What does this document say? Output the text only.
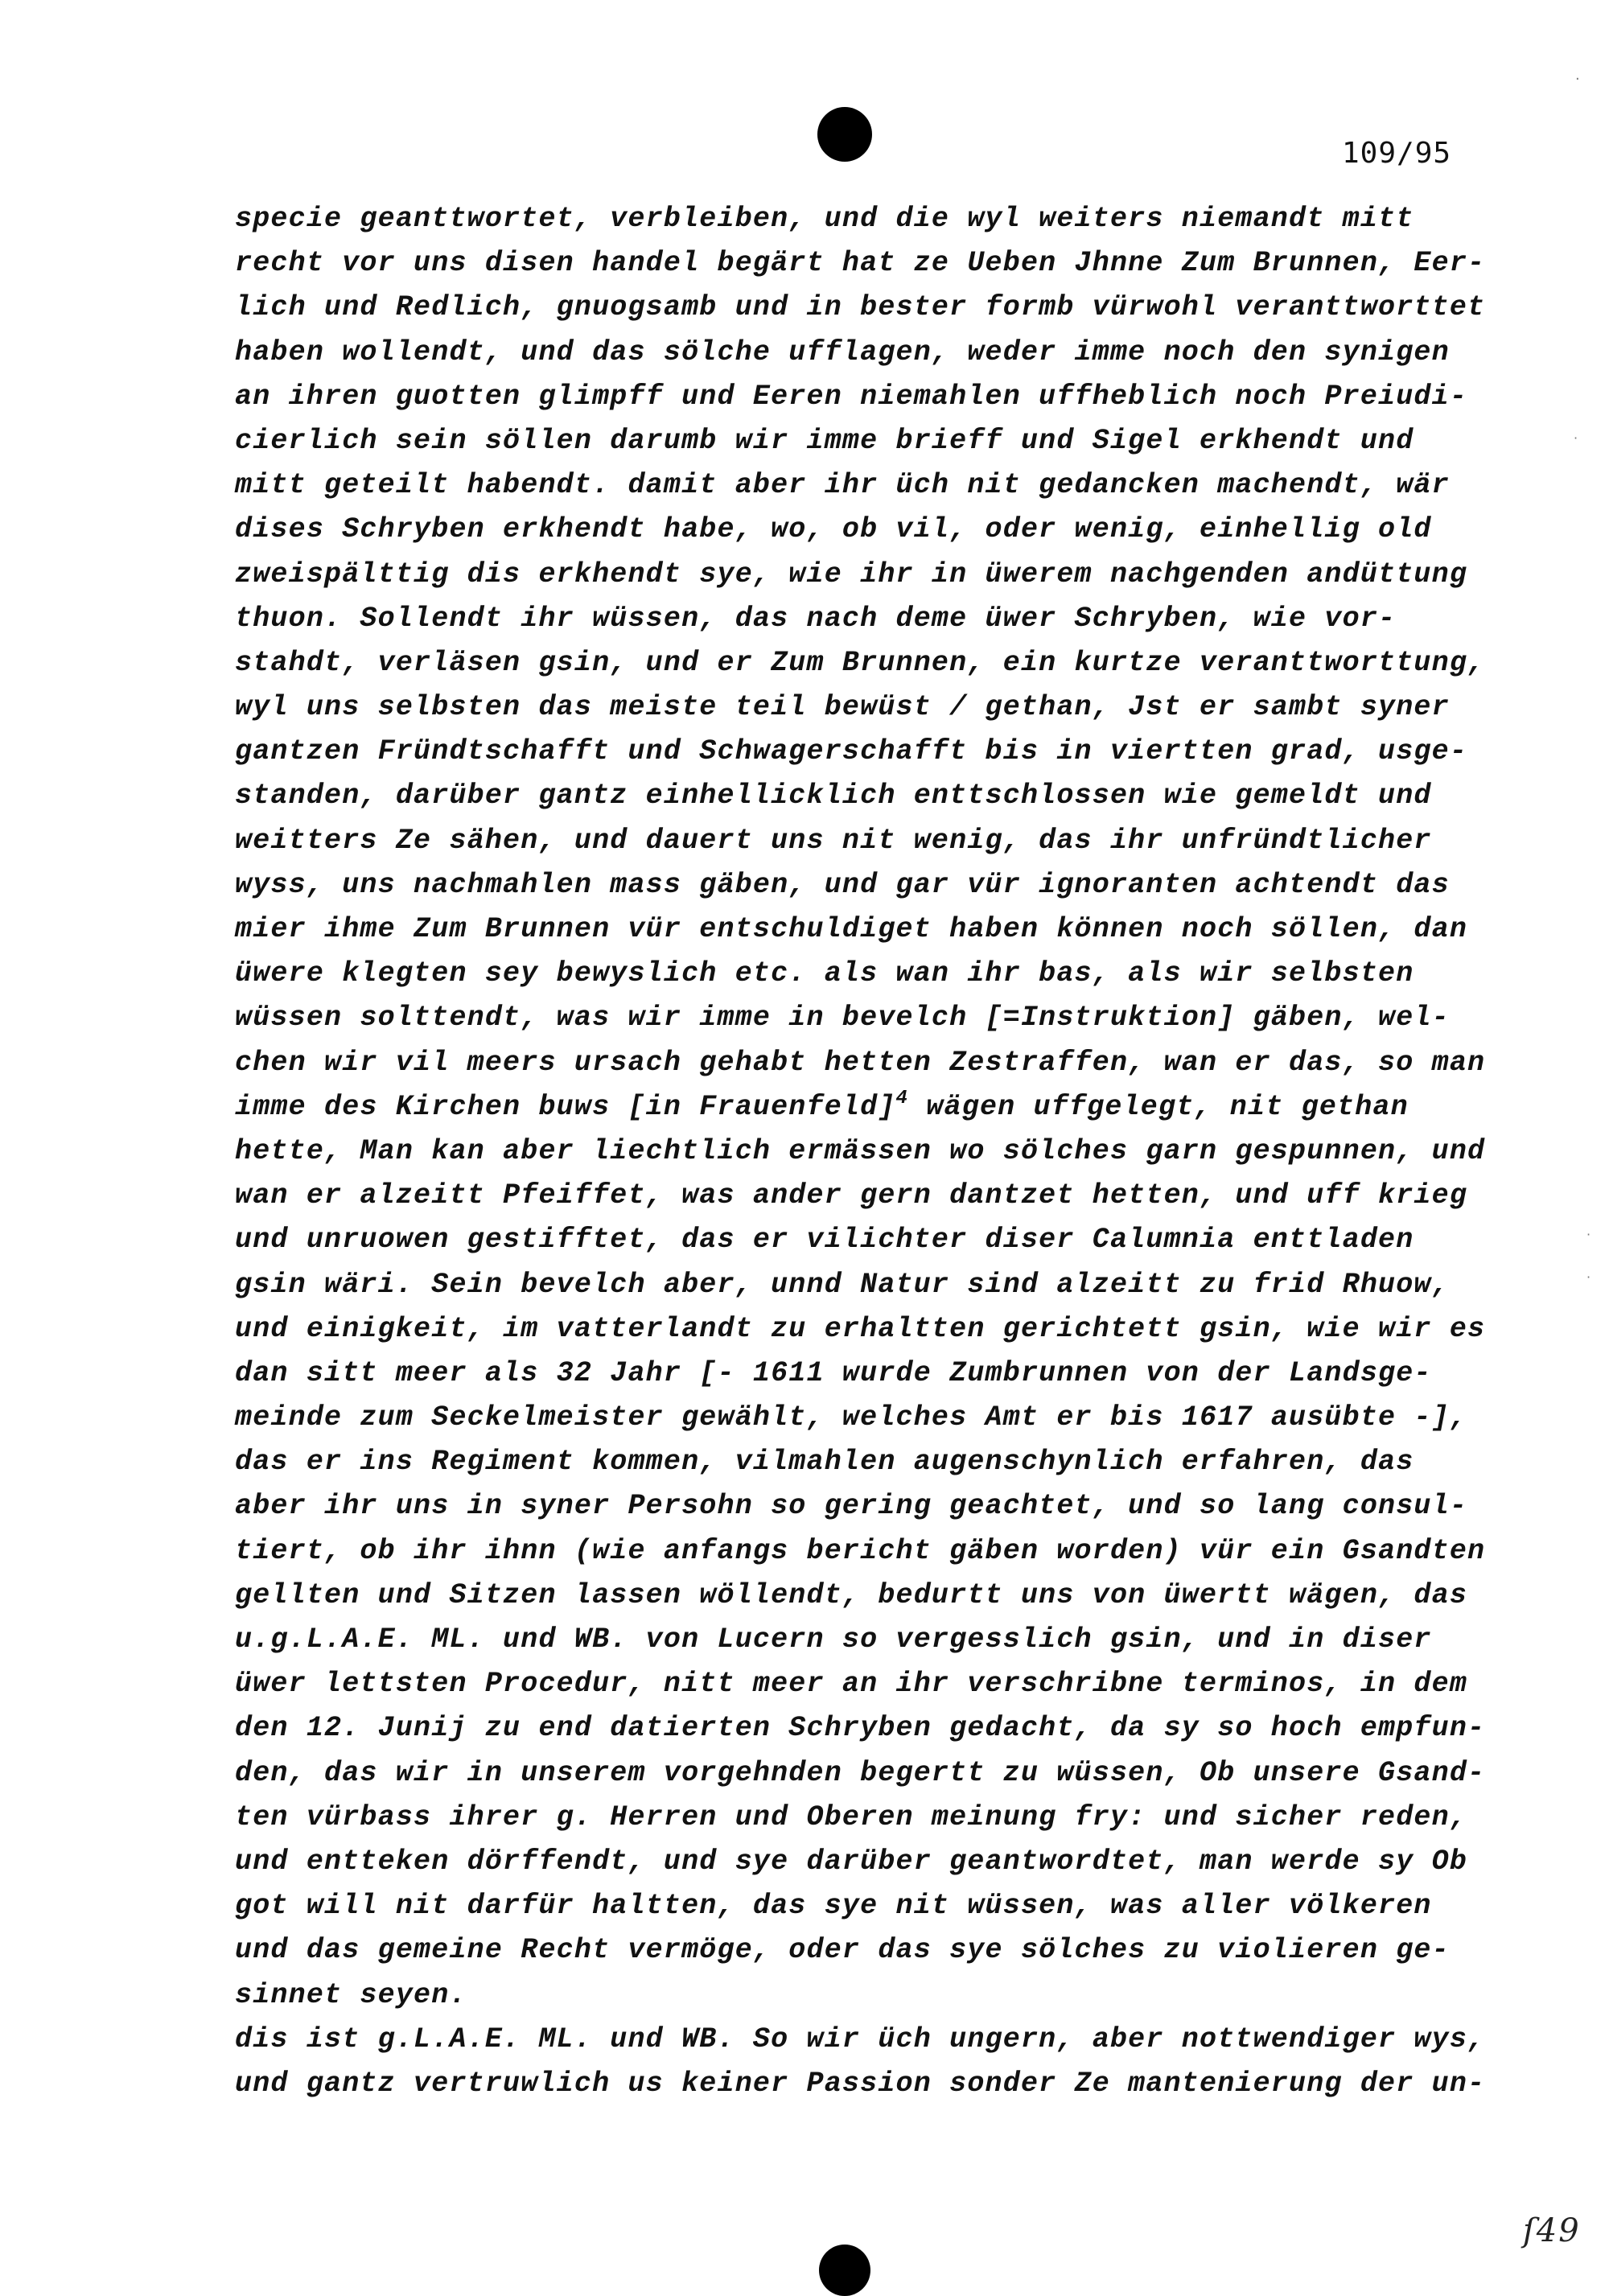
109/95
specie geanttwortet, verbleiben, und die wyl weiters niemandt mitt
recht vor uns disen handel begärt hat ze Ueben Jhnne Zum Brunnen, Eer-
lich und Redlich, gnuogsamb und in bester formb vürwohl veranttworttet
haben wollendt, und das sölche ufflagen, weder imme noch den synigen
an ihren guotten glimpff und Eeren niemahlen uffheblich noch Preiudi-
cierlich sein söllen darumb wir imme brieff und Sigel erkhendt und
mitt geteilt habendt. damit aber ihr üch nit gedancken machendt, wär
dises Schryben erkhendt habe, wo, ob vil, oder wenig, einhellig old
zweispälttig dis erkhendt sye, wie ihr in üwerem nachgenden andüttung
thuon. Sollendt ihr wüssen, das nach deme üwer Schryben, wie vor-
stahdt, verläsen gsin, und er Zum Brunnen, ein kurtze veranttworttung,
wyl uns selbsten das meiste teil bewüst / gethan, Jst er sambt syner
gantzen Fründtschafft und Schwagerschafft bis in viertten grad, usge-
standen, darüber gantz einhellicklich enttschlossen wie gemeldt und
weitters Ze sähen, und dauert uns nit wenig, das ihr unfründtlicher
wyss, uns nachmahlen mass gäben, und gar vür ignoranten achtendt das
mier ihme Zum Brunnen vür entschuldiget haben können noch söllen, dan
üwere klegten sey bewyslich etc. als wan ihr bas, als wir selbsten
wüssen solttendt, was wir imme in bevelch [=Instruktion] gäben, wel-
chen wir vil meers ursach gehabt hetten Zestraffen, wan er das, so man
imme des Kirchen buws [in Frauenfeld]$^4$ wägen uffgelegt, nit gethan
hette, Man kan aber liechtlich ermässen wo sölches garn gespunnen, und
wan er alzeitt Pfeiffet, was ander gern dantzet hetten, und uff krieg
und unruowen gestifftet, das er vilichter diser Calumnia enttladen
gsin wäri. Sein bevelch aber, unnd Natur sind alzeitt zu frid Rhuow,
und einigkeit, im vatterlandt zu erhaltten gerichtett gsin, wie wir es
dan sitt meer als 32 Jahr [- 1611 wurde Zumbrunnen von der Landsge-
meinde zum Seckelmeister gewählt, welches Amt er bis 1617 ausübte -],
das er ins Regiment kommen, vilmahlen augenschynlich erfahren, das
aber ihr uns in syner Persohn so gering geachtet, und so lang consul-
tiert, ob ihr ihnn (wie anfangs bericht gäben worden) vür ein Gsandten
gellten und Sitzen lassen wöllendt, bedurtt uns von üwertt wägen, das
u.g.L.A.E. ML. und WB. von Lucern so vergesslich gsin, und in diser
üwer lettsten Procedur, nitt meer an ihr verschribne terminos, in dem
den 12. Junij zu end datierten Schryben gedacht, da sy so hoch empfun-
den, das wir in unserem vorgehnden begertt zu wüssen, Ob unsere Gsand-
ten vürbass ihrer g. Herren und Oberen meinung fry: und sicher reden,
und entteken dörffendt, und sye darüber geantwordtet, man werde sy Ob
got will nit darfür haltten, das sye nit wüssen, was aller völkeren
und das gemeine Recht vermöge, oder das sye sölches zu violieren ge-
sinnet seyen.
dis ist g.L.A.E. ML. und WB. So wir üch ungern, aber nottwendiger wys,
und gantz vertruwlich us keiner Passion sonder Ze mantenierung der un-
·
·
·
·
ſ49
